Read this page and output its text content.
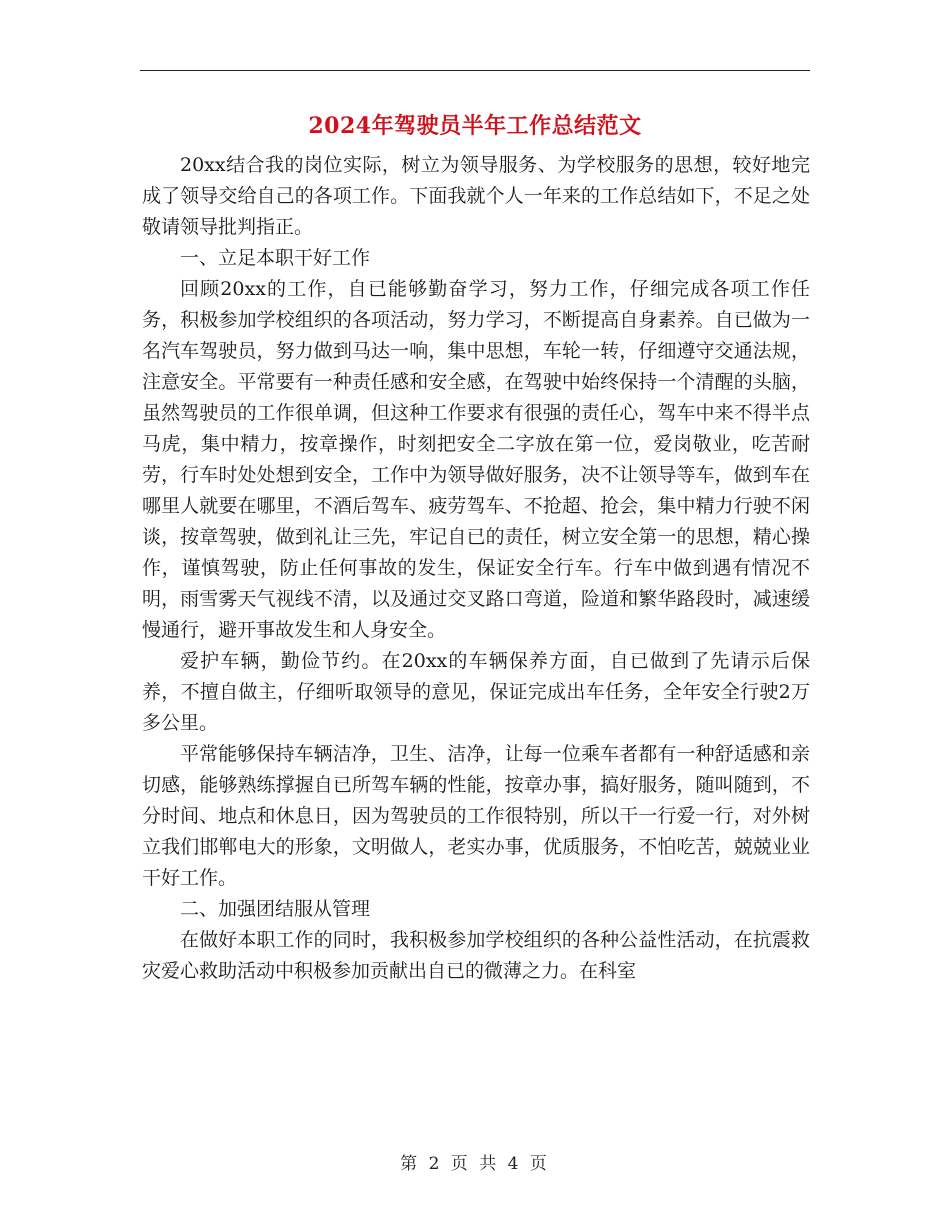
2024年驾驶员半年工作总结范文

20xx结合我的岗位实际，树立为领导服务、为学校服务的思想，较好地完成了领导交给自己的各项工作。下面我就个人一年来的工作总结如下，不足之处敬请领导批判指正。

一、立足本职干好工作

回顾20xx的工作，自已能够勤奋学习，努力工作，仔细完成各项工作任务，积极参加学校组织的各项活动，努力学习，不断提高自身素养。自已做为一名汽车驾驶员，努力做到马达一响，集中思想，车轮一转，仔细遵守交通法规，注意安全。平常要有一种责任感和安全感，在驾驶中始终保持一个清醒的头脑，虽然驾驶员的工作很单调，但这种工作要求有很强的责任心，驾车中来不得半点马虎，集中精力，按章操作，时刻把安全二字放在第一位，爱岗敬业，吃苦耐劳，行车时处处想到安全，工作中为领导做好服务，决不让领导等车，做到车在哪里人就要在哪里，不酒后驾车、疲劳驾车、不抢超、抢会，集中精力行驶不闲谈，按章驾驶，做到礼让三先，牢记自已的责任，树立安全第一的思想，精心操作，谨慎驾驶，防止任何事故的发生，保证安全行车。行车中做到遇有情况不明，雨雪雾天气视线不清，以及通过交叉路口弯道，险道和繁华路段时，减速缓慢通行，避开事故发生和人身安全。

爱护车辆，勤俭节约。在20xx的车辆保养方面，自已做到了先请示后保养，不擅自做主，仔细听取领导的意见，保证完成出车任务，全年安全行驶2万多公里。

平常能够保持车辆洁净，卫生、洁净，让每一位乘车者都有一种舒适感和亲切感，能够熟练撑握自已所驾车辆的性能，按章办事，搞好服务，随叫随到，不分时间、地点和休息日，因为驾驶员的工作很特别，所以干一行爱一行，对外树立我们邯郸电大的形象，文明做人，老实办事，优质服务，不怕吃苦，兢兢业业干好工作。

二、加强团结服从管理

在做好本职工作的同时，我积极参加学校组织的各种公益性活动，在抗震救灾爱心救助活动中积极参加贡献出自已的微薄之力。在科室

第 2 页 共 4 页
